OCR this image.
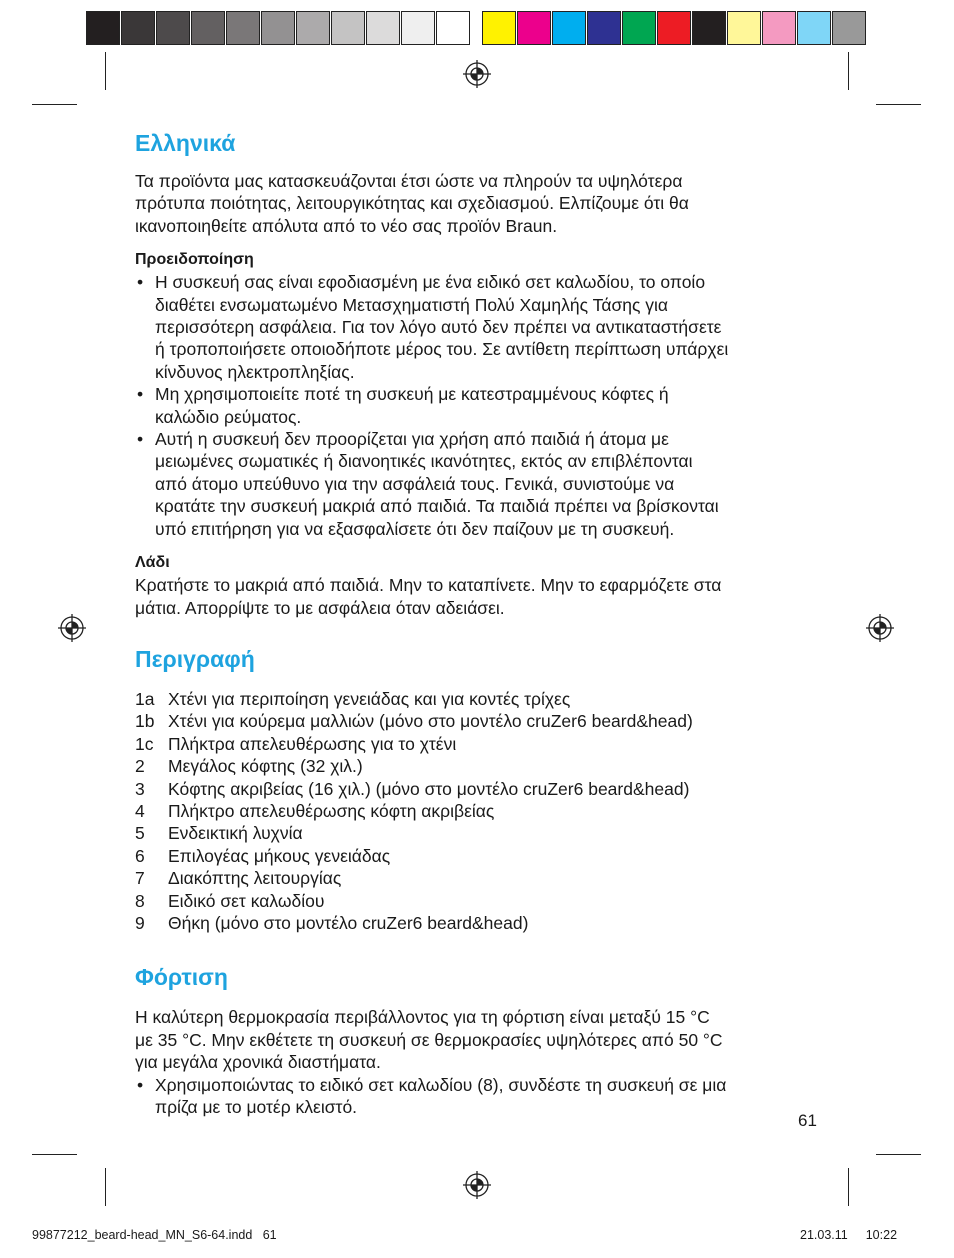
Ελληνικά

Τα προϊόντα μας κατασκευάζονται έτσι ώστε να πληρούν τα υψηλότερα
πρότυπα ποιότητας, λειτουργικότητας και σχεδιασμού. Ελπίζουμε ότι θα
ικανοποιηθείτε απόλυτα από το νέο σας προϊόν Braun.

Προειδοποίηση
• Η συσκευή σας είναι εφοδιασμένη με ένα ειδικό σετ καλωδίου, το οποίο
διαθέτει ενσωματωμένο Μετασχηματιστή Πολύ Χαμηλής Τάσης για
περισσότερη ασφάλεια. Για τον λόγο αυτό δεν πρέπει να αντικαταστήσετε
ή τροποποιήσετε οποιοδήποτε μέρος του. Σε αντίθετη περίπτωση υπάρχει
κίνδυνος ηλεκτροπληξίας.
• Μη χρησιμοποιείτε ποτέ τη συσκευή με κατεστραμμένους κόφτες ή
καλώδιο ρεύματος.
• Αυτή η συσκευή δεν προορίζεται για χρήση από παιδιά ή άτομα με
μειωμένες σωματικές ή διανοητικές ικανότητες, εκτός αν επιβλέπονται
από άτομο υπεύθυνο για την ασφάλειά τους. Γενικά, συνιστούμε να
κρατάτε την συσκευή μακριά από παιδιά. Τα παιδιά πρέπει να βρίσκονται
υπό επιτήρηση για να εξασφαλίσετε ότι δεν παίζουν με τη συσκευή.
Λάδι

Κρατήστε το μακριά από παιδιά. Μην το καταπίνετε. Μην το εφαρμόζετε στα
μάτια. Απορρίψτε το με ασφάλεια όταν αδειάσει.

Περιγραφή
1a Χτένι για περιποίηση γενειάδας και για κοντές τρίχες
1b Χτένι για κούρεμα μαλλιών (μόνο στο μοντέλο cruZer6 beard&head)
1c Πλήκτρα απελευθέρωσης για το χτένι
2	Μεγάλος κόφτης (32 χιλ.)
3	Κόφτης ακριβείας (16 χιλ.) (μόνο στο μοντέλο cruZer6 beard&head)
4	Πλήκτρο απελευθέρωσης κόφτη ακριβείας
5	Ενδεικτική λυχνία
6	Επιλογέας μήκους γενειάδας
7	Διακόπτης λειτουργίας
8	Ειδικό σετ καλωδίου
9	Θήκη (μόνο στο μοντέλο cruZer6 beard&head)
Φόρτιση

Η καλύτερη θερμοκρασία περιβάλλοντος για τη φόρτιση είναι μεταξύ 15 °C
με 35 °C. Μην εκθέτετε τη συσκευή σε θερμοκρασίες υψηλότερες από 50 °C
για μεγάλα χρονικά διαστήματα.

• Χρησιμοποιώντας το ειδικό σετ καλωδίου (8), συνδέστε τη συσκευή σε μια
πρίζα με το μοτέρ κλειστό.
61
99877212_beard-head_MN_S6-64.indd   61	21.03.11 10:22
